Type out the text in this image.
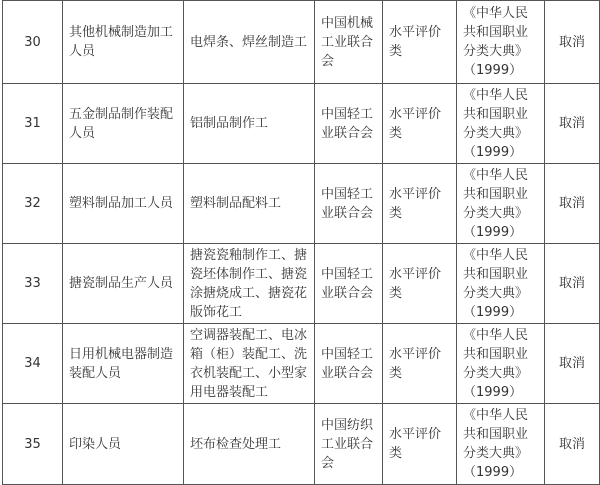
30	其他机械制造加工人员	电焊条、焊丝制造工	中国机械工业联合会	水平评价类	《中华人民共和国职业分类大典》（1999）	取消
31	五金制品制作装配人员	铝制品制作工	中国轻工业联合会	水平评价类	《中华人民共和国职业分类大典》（1999）	取消
32	塑料制品加工人员	塑料制品配料工	中国轻工业联合会	水平评价类	《中华人民共和国职业分类大典》（1999）	取消
33	搪瓷制品生产人员	搪瓷瓷釉制作工、搪瓷坯体制作工、搪瓷涂搪烧成工、搪瓷花版饰花工	中国轻工业联合会	水平评价类	《中华人民共和国职业分类大典》（1999）	取消
34	日用机械电器制造装配人员	空调器装配工、电冰箱（柜）装配工、洗衣机装配工、小型家用电器装配工	中国轻工业联合会	水平评价类	《中华人民共和国职业分类大典》（1999）	取消
35	印染人员	坯布检查处理工	中国纺织工业联合会	水平评价类	《中华人民共和国职业分类大典》（1999）	取消
